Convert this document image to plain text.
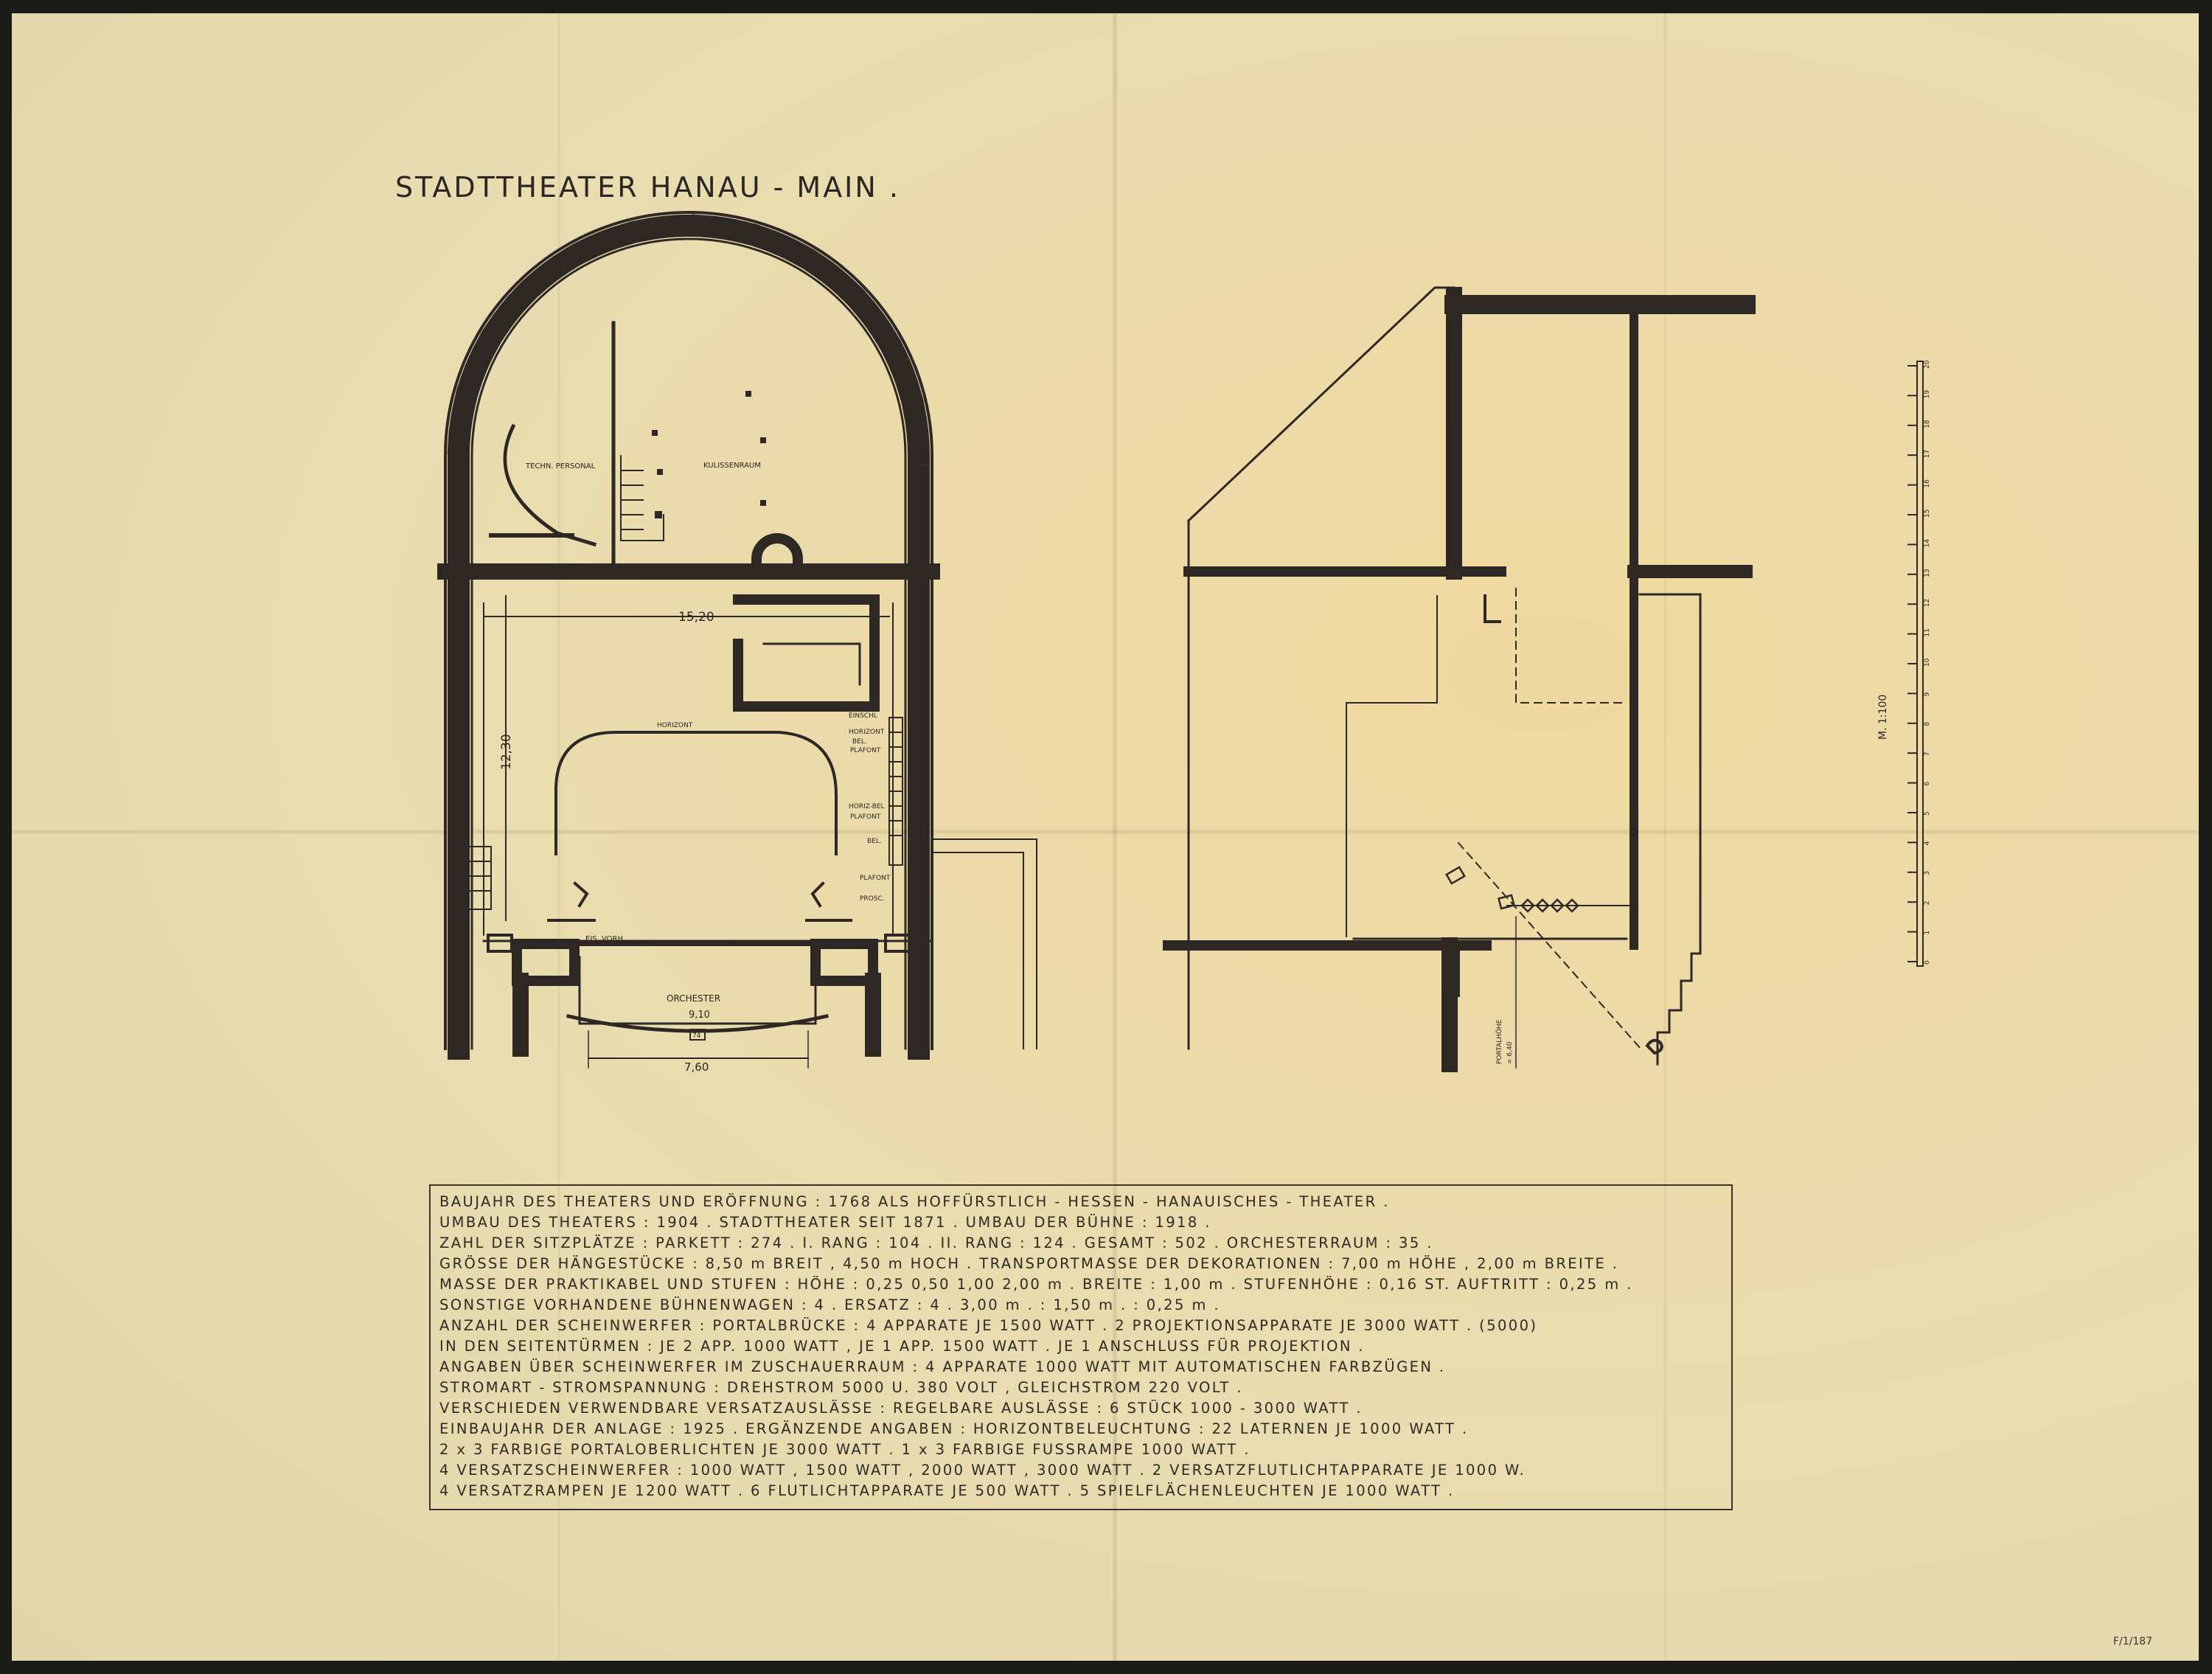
STADTTHEATER HANAU - MAIN .
0
1
2
3
4
5
6
7
8
9
10
11
12
13
14
15
16
17
18
19
20
TECHN. PERSONAL	KULISSENRAUM
15,20
12,30
HORIZONT
EINSCHL
HORIZONT
BEL.
PLAFONT
HORIZ-BEL
PLAFONT
BEL.
PLAFONT
PROSC.
EIS. VORH.
ORCHESTER
9,10
74
7,60
PORTALHÖHE = 6,40
M. 1:100
BAUJAHR DES THEATERS UND ERÖFFNUNG : 1768 ALS HOFFÜRSTLICH - HESSEN - HANAUISCHES - THEATER .
UMBAU DES THEATERS : 1904 . STADTTHEATER SEIT 1871 . UMBAU DER BÜHNE : 1918 .
ZAHL DER SITZPLÄTZE : PARKETT : 274 . I. RANG : 104 . II. RANG : 124 . GESAMT : 502 . ORCHESTERRAUM : 35 .
GRÖSSE DER HÄNGESTÜCKE : 8,50 m BREIT , 4,50 m HOCH . TRANSPORTMASSE DER DEKORATIONEN : 7,00 m HÖHE , 2,00 m BREITE .
MASSE DER PRAKTIKABEL UND STUFEN : HÖHE : 0,25 0,50 1,00 2,00 m . BREITE : 1,00 m . STUFENHÖHE : 0,16 ST. AUFTRITT : 0,25 m .
SONSTIGE VORHANDENE BÜHNENWAGEN : 4 . ERSATZ : 4 . 3,00 m . : 1,50 m . : 0,25 m .
ANZAHL DER SCHEINWERFER : PORTALBRÜCKE : 4 APPARATE JE 1500 WATT . 2 PROJEKTIONSAPPARATE JE 3000 WATT . (5000)
IN DEN SEITENTÜRMEN : JE 2 APP. 1000 WATT , JE 1 APP. 1500 WATT . JE 1 ANSCHLUSS FÜR PROJEKTION .
ANGABEN ÜBER SCHEINWERFER IM ZUSCHAUERRAUM : 4 APPARATE 1000 WATT MIT AUTOMATISCHEN FARBZÜGEN .
STROMART - STROMSPANNUNG : DREHSTROM 5000 U. 380 VOLT , GLEICHSTROM 220 VOLT .
VERSCHIEDEN VERWENDBARE VERSATZAUSLÄSSE : REGELBARE AUSLÄSSE : 6 STÜCK 1000 - 3000 WATT .
EINBAUJAHR DER ANLAGE : 1925 . ERGÄNZENDE ANGABEN : HORIZONTBELEUCHTUNG : 22 LATERNEN JE 1000 WATT .
2 x 3 FARBIGE PORTALOBERLICHTEN JE 3000 WATT . 1 x 3 FARBIGE FUSSRAMPE 1000 WATT .
4 VERSATZSCHEINWERFER : 1000 WATT , 1500 WATT , 2000 WATT , 3000 WATT . 2 VERSATZFLUTLICHTAPPARATE JE 1000 W.
4 VERSATZRAMPEN JE 1200 WATT . 6 FLUTLICHTAPPARATE JE 500 WATT . 5 SPIELFLÄCHENLEUCHTEN JE 1000 WATT .
F/1/187
